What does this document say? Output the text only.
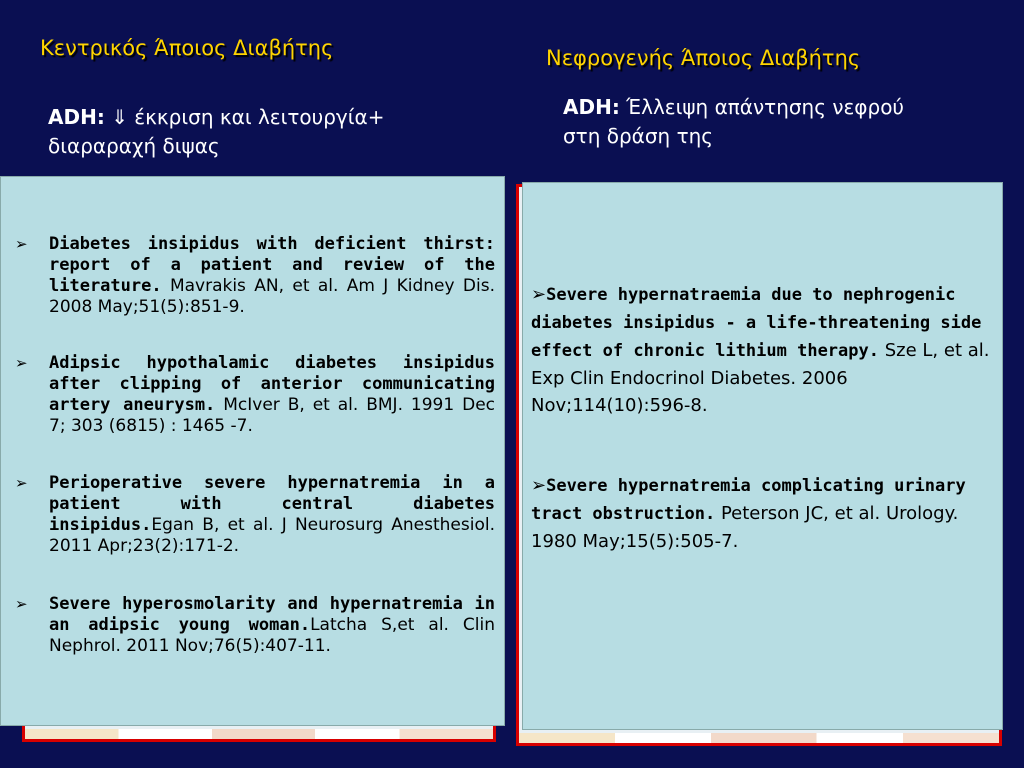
Κεντρικός Άποιος Διαβήτης	Νεφρογενής Άποιος Διαβήτης
ADH: ⇓ έκκριση και λειτουργία+ διαραραχή διψας
ADH: Έλλειψη απάντησης νεφρού στη δράση της
➢ Diabetes insipidus with deficient thirst: report of a patient and review of the literature. Mavrakis AN, et al. Am J Kidney Dis. 2008 May;51(5):851-9.
➢ Adipsic hypothalamic diabetes insipidus after clipping of anterior communicating artery aneurysm. McIver B, et al. BMJ. 1991 Dec 7; 303 (6815) : 1465 -7.
➢ Perioperative severe hypernatremia in a patient with central diabetes insipidus.Egan B, et al. J Neurosurg Anesthesiol. 2011 Apr;23(2):171-2.
➢ Severe hyperosmolarity and hypernatremia in an adipsic young woman.Latcha S,et al. Clin Nephrol. 2011 Nov;76(5):407-11.
➢Severe hypernatraemia due to nephrogenic diabetes insipidus - a life-threatening side effect of chronic lithium therapy. Sze L, et al. Exp Clin Endocrinol Diabetes. 2006 Nov;114(10):596-8.
➢Severe hypernatremia complicating urinary tract obstruction. Peterson JC, et al. Urology. 1980 May;15(5):505-7.
